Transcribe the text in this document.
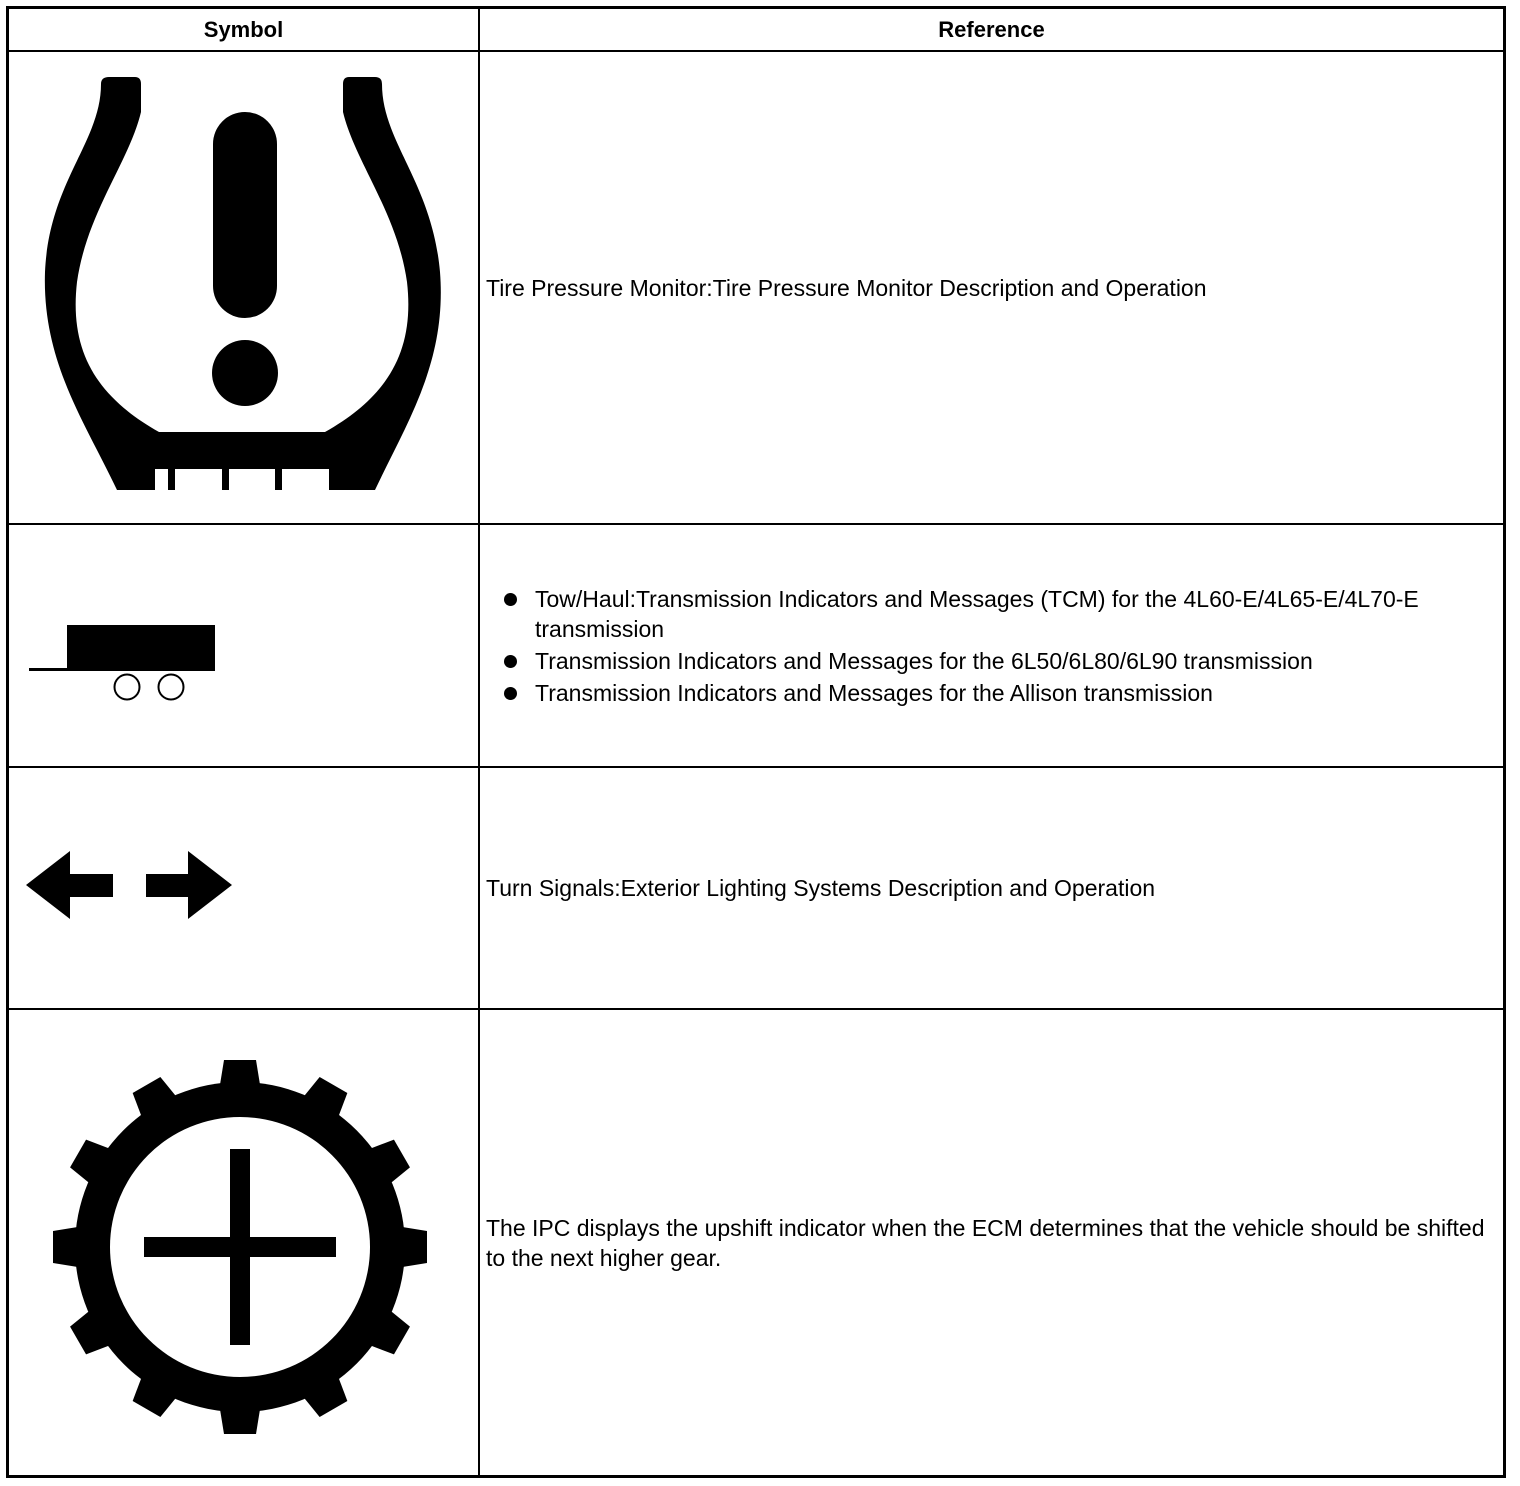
Symbol	Reference
Tire Pressure Monitor:Tire Pressure Monitor Description and Operation
Tow/Haul:Transmission Indicators and Messages (TCM) for the 4L60-E/4L65-E/4L70-E transmission
Transmission Indicators and Messages for the 6L50/6L80/6L90 transmission
Transmission Indicators and Messages for the Allison transmission
Turn Signals:Exterior Lighting Systems Description and Operation
The IPC displays the upshift indicator when the ECM determines that the vehicle should be shifted to the next higher gear.
